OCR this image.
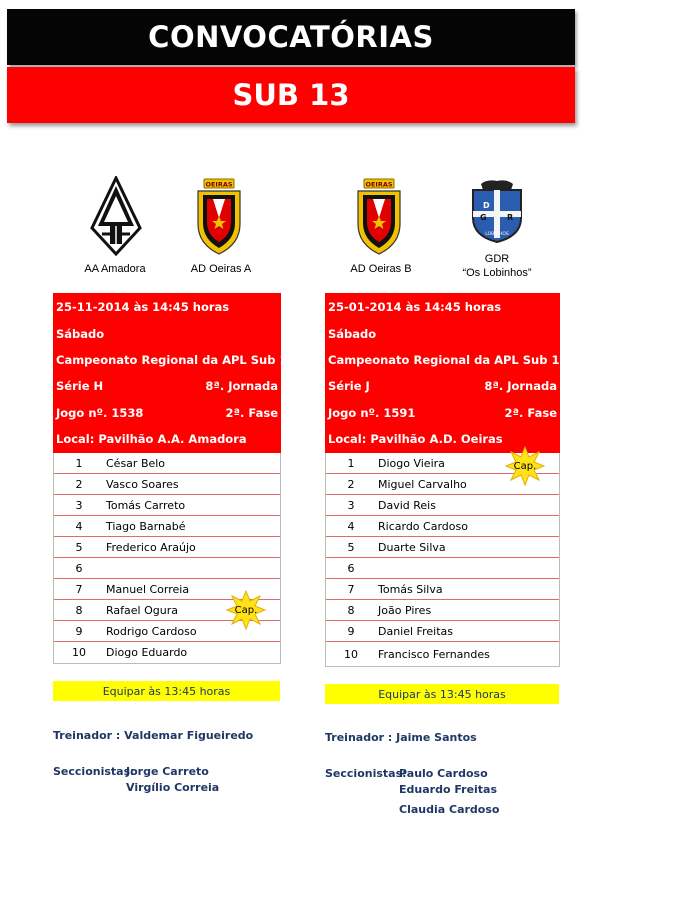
CONVOCATÓRIAS
SUB 13
AA Amadora
OEIRAS
AD Oeiras A
OEIRAS
AD Oeiras B
D
G	R
LOBINHOS
GDR
“Os Lobinhos”
25-11-2014 às 14:45 horas
Sábado
Campeonato Regional da APL Sub 13
Série H	8ª. Jornada
Jogo nº. 1538	2ª. Fase
Local: Pavilhão A.A. Amadora
1	César Belo
2	Vasco Soares
3	Tomás Carreto
4	Tiago Barnabé
5	Frederico Araújo
6
7	Manuel Correia
8	Rafael Ogura
9	Rodrigo Cardoso
10	Diogo Eduardo
Cap.
25-01-2014 às 14:45 horas
Sábado
Campeonato Regional da APL Sub 13
Série J	8ª. Jornada
Jogo nº. 1591	2ª. Fase
Local: Pavilhão A.D. Oeiras
1	Diogo Vieira
2	Miguel Carvalho
3	David Reis
4	Ricardo Cardoso
5	Duarte Silva
6
7	Tomás Silva
8	João Pires
9	Daniel Freitas
10	Francisco Fernandes
Cap.
Equipar às 13:45 horas	Equipar às 13:45 horas
Treinador : Valdemar Figueiredo
Seccionistas:
Jorge Carreto
Virgílio Correia
Treinador : Jaime Santos
Seccionistas:
Paulo Cardoso
Eduardo Freitas
Claudia Cardoso
